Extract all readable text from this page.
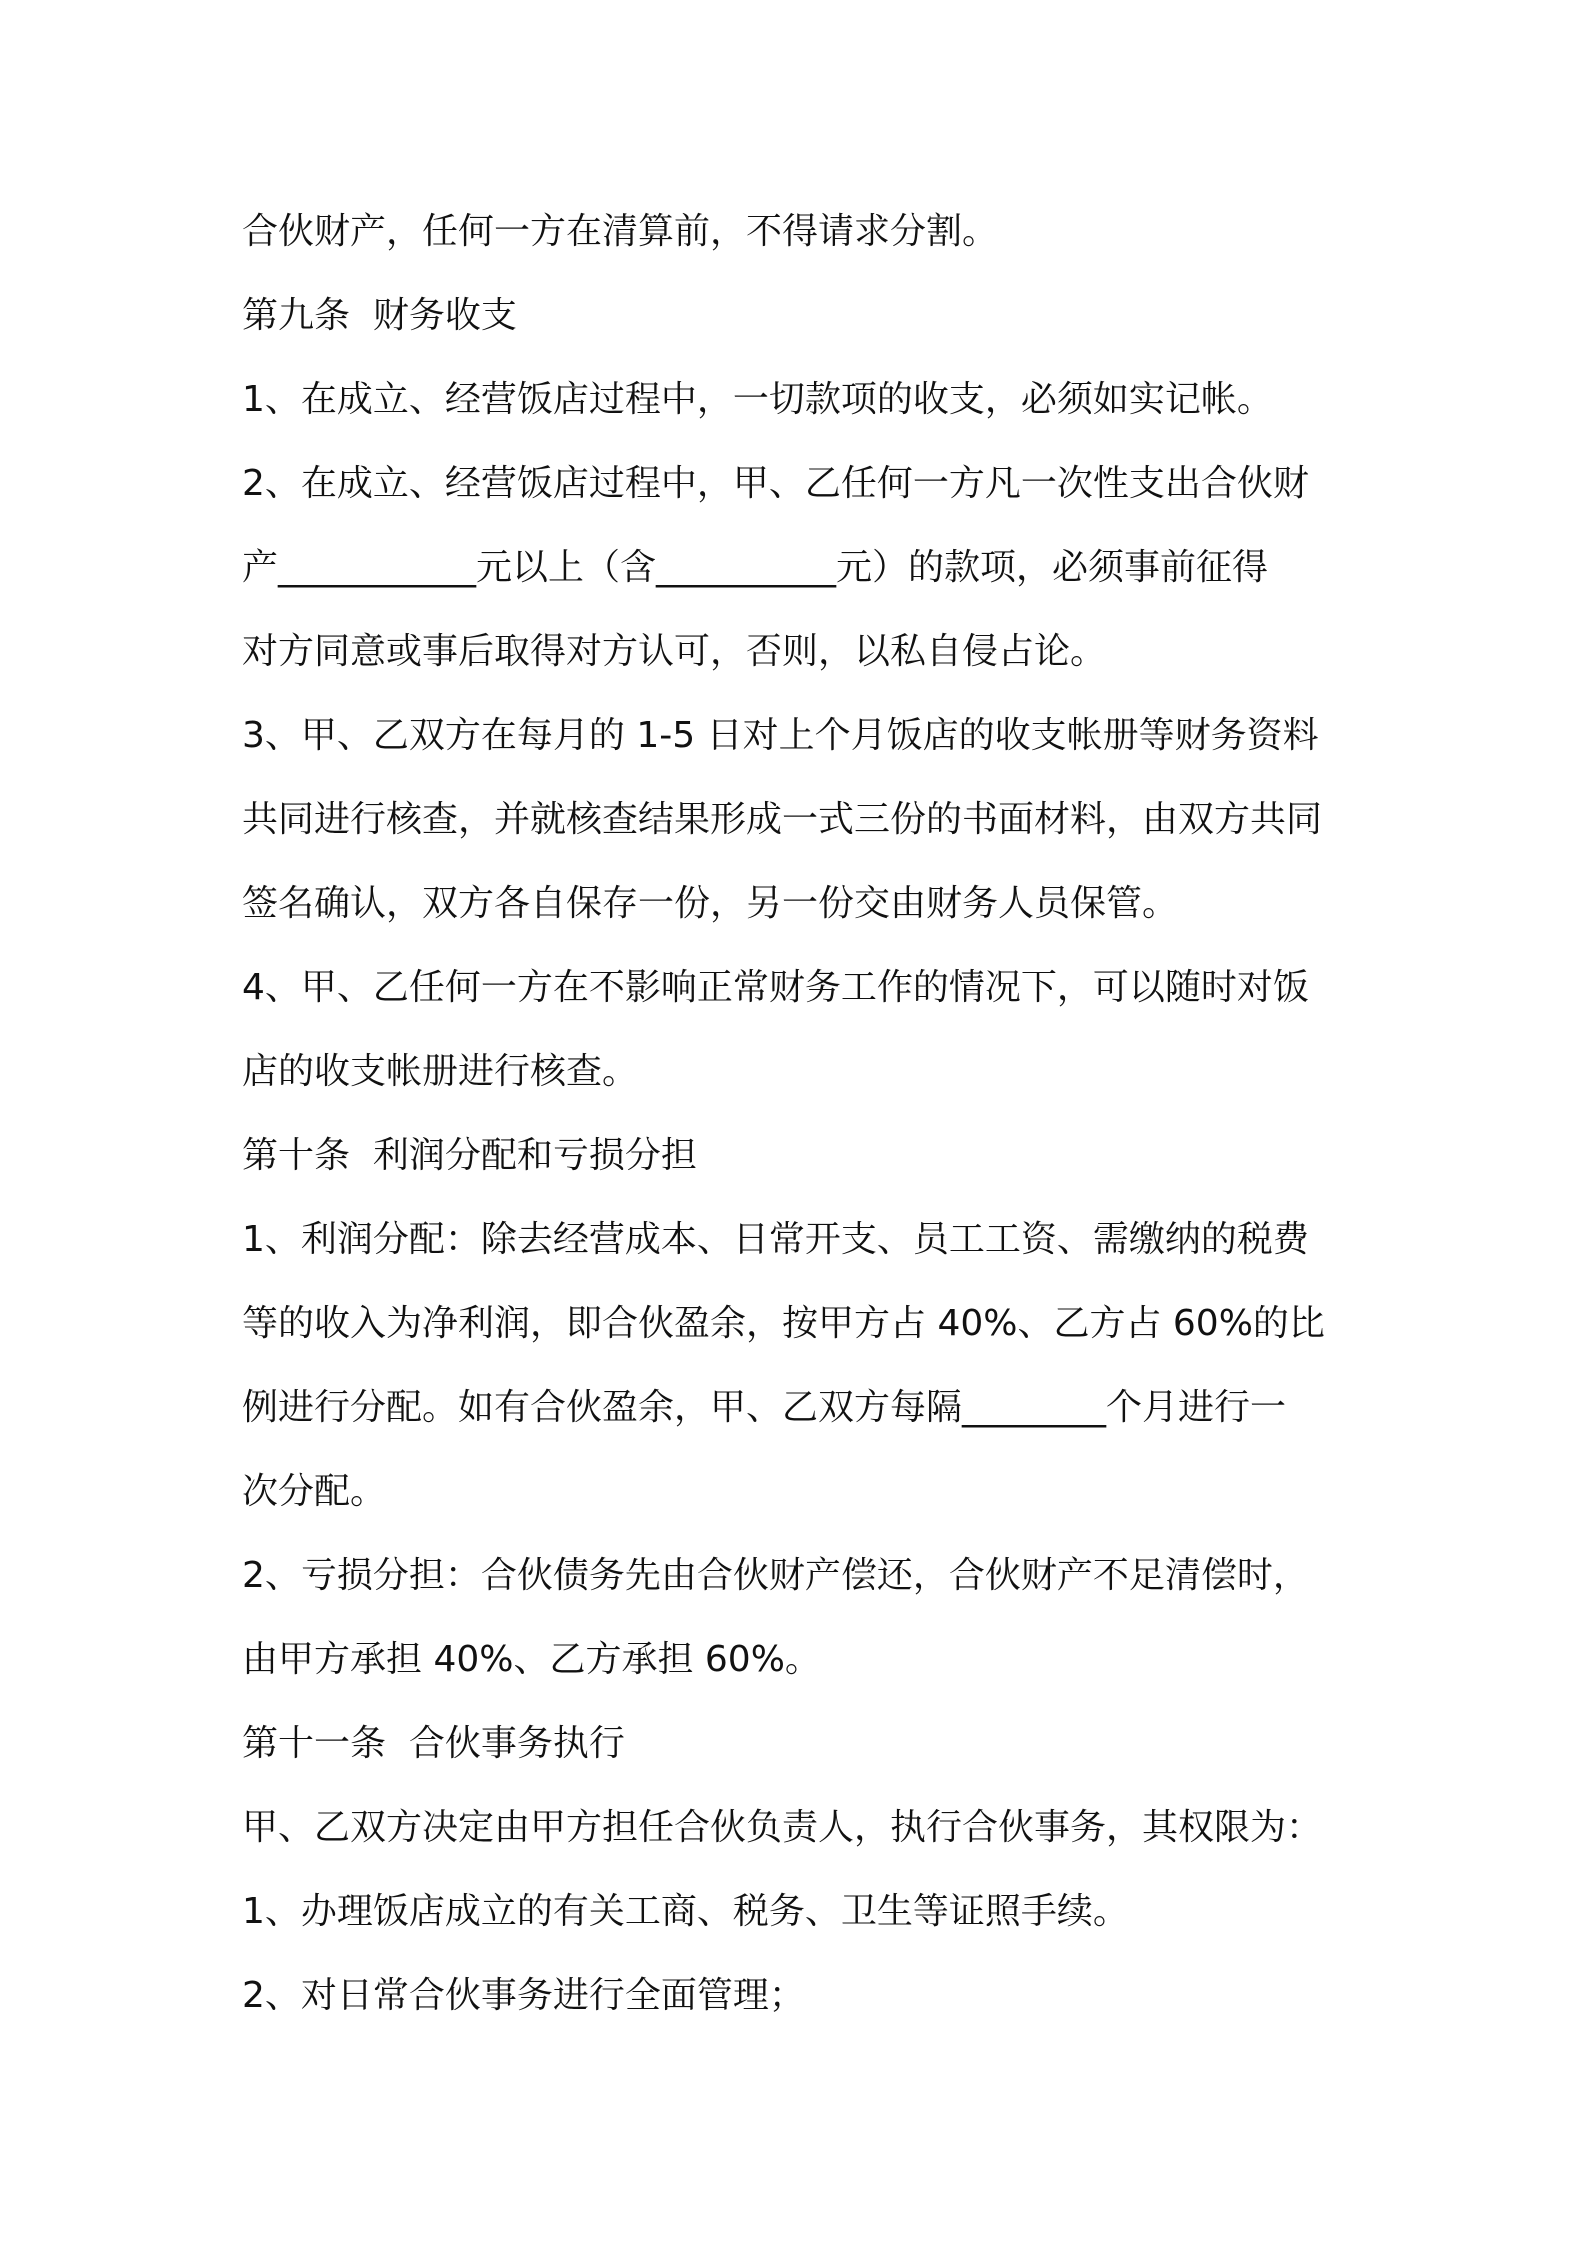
合伙财产，任何一方在清算前，不得请求分割。
第九条  财务收支
1、在成立、经营饭店过程中，一切款项的收支，必须如实记帐。
2、在成立、经营饭店过程中，甲、乙任何一方凡一次性支出合伙财
产___________元以上（含__________元）的款项，必须事前征得
对方同意或事后取得对方认可，否则，以私自侵占论。
3、甲、乙双方在每月的 1-5 日对上个月饭店的收支帐册等财务资料
共同进行核查，并就核查结果形成一式三份的书面材料，由双方共同
签名确认，双方各自保存一份，另一份交由财务人员保管。
4、甲、乙任何一方在不影响正常财务工作的情况下，可以随时对饭
店的收支帐册进行核查。
第十条  利润分配和亏损分担
1、利润分配：除去经营成本、日常开支、员工工资、需缴纳的税费
等的收入为净利润，即合伙盈余，按甲方占 40%、乙方占 60%的比
例进行分配。如有合伙盈余，甲、乙双方每隔________个月进行一
次分配。
2、亏损分担：合伙债务先由合伙财产偿还，合伙财产不足清偿时，
由甲方承担 40%、乙方承担 60%。
第十一条  合伙事务执行
甲、乙双方决定由甲方担任合伙负责人，执行合伙事务，其权限为：
1、办理饭店成立的有关工商、税务、卫生等证照手续。
2、对日常合伙事务进行全面管理；
